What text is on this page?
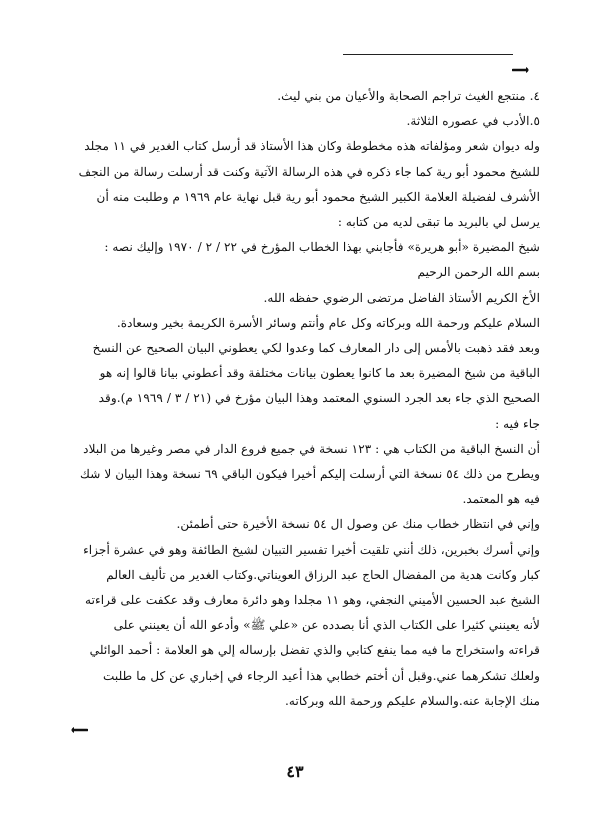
٤. منتجع الغيث تراجم الصحابة والأعيان من بني ليث.

٥.الأدب في عصوره الثلاثة.

وله ديوان شعر ومؤلفاته هذه مخطوطة وكان هذا الأستاذ قد أرسل كتاب الغدير في ١١ مجلد

للشيخ محمود أبو رية كما جاء ذكره في هذه الرسالة الآتية وكنت قد أرسلت رسالة من النجف

الأشرف لفضيلة العلامة الكبير الشيخ محمود أبو رية قبل نهاية عام ١٩٦٩ م وطلبت منه أن

يرسل لي بالبريد ما تبقى لديه من كتابه :

شيخ المضيرة «أبو هريرة» فأجابني بهذا الخطاب المؤرخ في ٢٢ / ٢ / ١٩٧٠ وإليك نصه :

بسم الله الرحمن الرحيم

الأخ الكريم الأستاذ الفاضل مرتضى الرضوي حفظه الله.

السلام عليكم ورحمة الله وبركاته وكل عام وأنتم وسائر الأسرة الكريمة بخير وسعادة.

وبعد فقد ذهبت بالأمس إلى دار المعارف كما وعدوا لكي يعطوني البيان الصحيح عن النسخ

الباقية من شيخ المضيرة بعد ما كانوا يعطون بيانات مختلفة وقد أعطوني بيانا قالوا إنه هو

الصحيح الذي جاء بعد الجرد السنوي المعتمد وهذا البيان مؤرخ في (٢١ / ٣ / ١٩٦٩ م).وقد

جاء فيه :

أن النسخ الباقية من الكتاب هي : ١٢٣ نسخة في جميع فروع الدار في مصر وغيرها من البلاد

ويطرح من ذلك ٥٤ نسخة التي أرسلت إليكم أخيرا فيكون الباقي ٦٩ نسخة وهذا البيان لا شك

فيه هو المعتمد.

وإني في انتظار خطاب منك عن وصول ال ٥٤ نسخة الأخيرة حتى أطمئن.

وإني أسرك بخبرين، ذلك أنني تلقيت أخيرا تفسير التبيان لشيخ الطائفة وهو في عشرة أجزاء

كبار وكانت هدية من المفضال الحاج عبد الرزاق العويناتي.وكتاب الغدير من تأليف العالم

الشيخ عبد الحسين الأميني النجفي، وهو ١١ مجلدا وهو دائرة معارف وقد عكفت على قراءته

لأنه يعينني كثيرا على الكتاب الذي أنا بصدده عن «علي ﷺ» وأدعو الله أن يعينني على

قراءته واستخراج ما فيه مما ينفع كتابي والذي تفضل بإرساله إلي هو العلامة : أحمد الوائلي

ولعلك تشكرهما عني.وقبل أن أختم خطابي هذا أعيد الرجاء في إخباري عن كل ما طلبت

منك الإجابة عنه.والسلام عليكم ورحمة الله وبركاته.

٤٣
